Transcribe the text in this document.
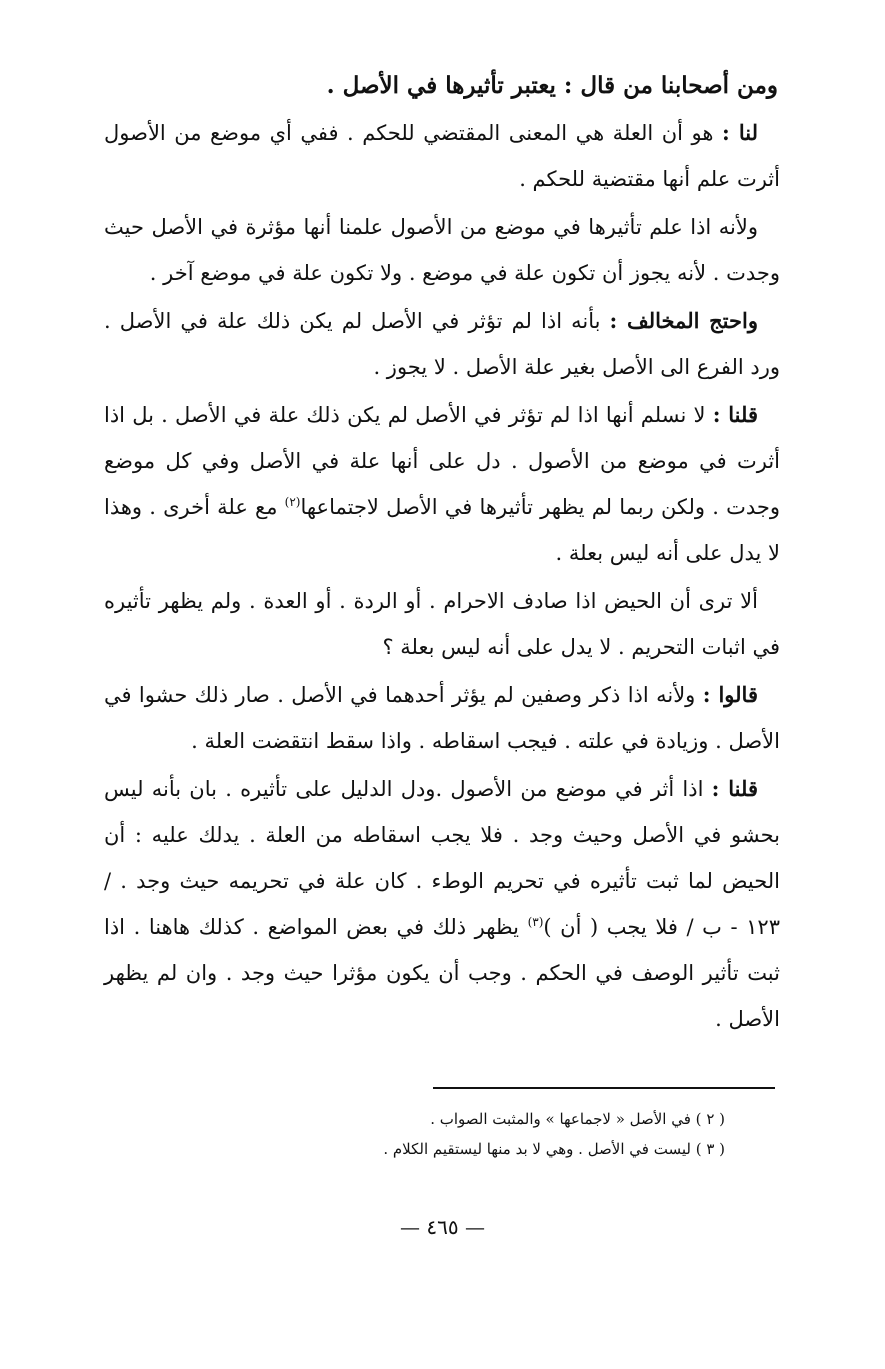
ومن أصحابنا من قال : يعتبر تأثيرها في الأصل .

لنا : هو أن العلة هي المعنى المقتضي للحكم . ففي أي موضع من الأصول أثرت علم أنها مقتضية للحكم .

ولأنه اذا علم تأثيرها في موضع من الأصول علمنا أنها مؤثرة في الأصل حيث وجدت . لأنه يجوز أن تكون علة في موضع . ولا تكون علة في موضع آخر .

واحتج المخالف : بأنه اذا لم تؤثر في الأصل لم يكن ذلك علة في الأصل . ورد الفرع الى الأصل بغير علة الأصل . لا يجوز .

قلنا : لا نسلم أنها اذا لم تؤثر في الأصل لم يكن ذلك علة في الأصل . بل اذا أثرت في موضع من الأصول . دل على أنها علة في الأصل وفي كل موضع وجدت . ولكن ربما لم يظهر تأثيرها في الأصل لاجتماعها$^{(٢)}$ مع علة أخرى . وهذا لا يدل على أنه ليس بعلة .

ألا ترى أن الحيض اذا صادف الاحرام . أو الردة . أو العدة . ولم يظهر تأثيره في اثبات التحريم . لا يدل على أنه ليس بعلة ؟

قالوا : ولأنه اذا ذكر وصفين لم يؤثر أحدهما في الأصل . صار ذلك حشوا في الأصل . وزيادة في علته . فيجب اسقاطه . واذا سقط انتقضت العلة .

قلنا : اذا أثر في موضع من الأصول .ودل الدليل على تأثيره . بان بأنه ليس بحشو في الأصل وحيث وجد . فلا يجب اسقاطه من العلة . يدلك عليه : أن الحيض لما ثبت تأثيره في تحريم الوطء . كان علة في تحريمه حيث وجد . / ١٢٣ - ب / فلا يجب ( أن )$^{(٣)}$ يظهر ذلك في بعض المواضع . كذلك هاهنا . اذا ثبت تأثير الوصف في الحكم . وجب أن يكون مؤثرا حيث وجد . وان لم يظهر الأصل .

( ٢ ) في الأصل « لاجماعها » والمثبت الصواب .

( ٣ ) ليست في الأصل . وهي لا بد منها ليستقيم الكلام .

— ٤٦٥ —
